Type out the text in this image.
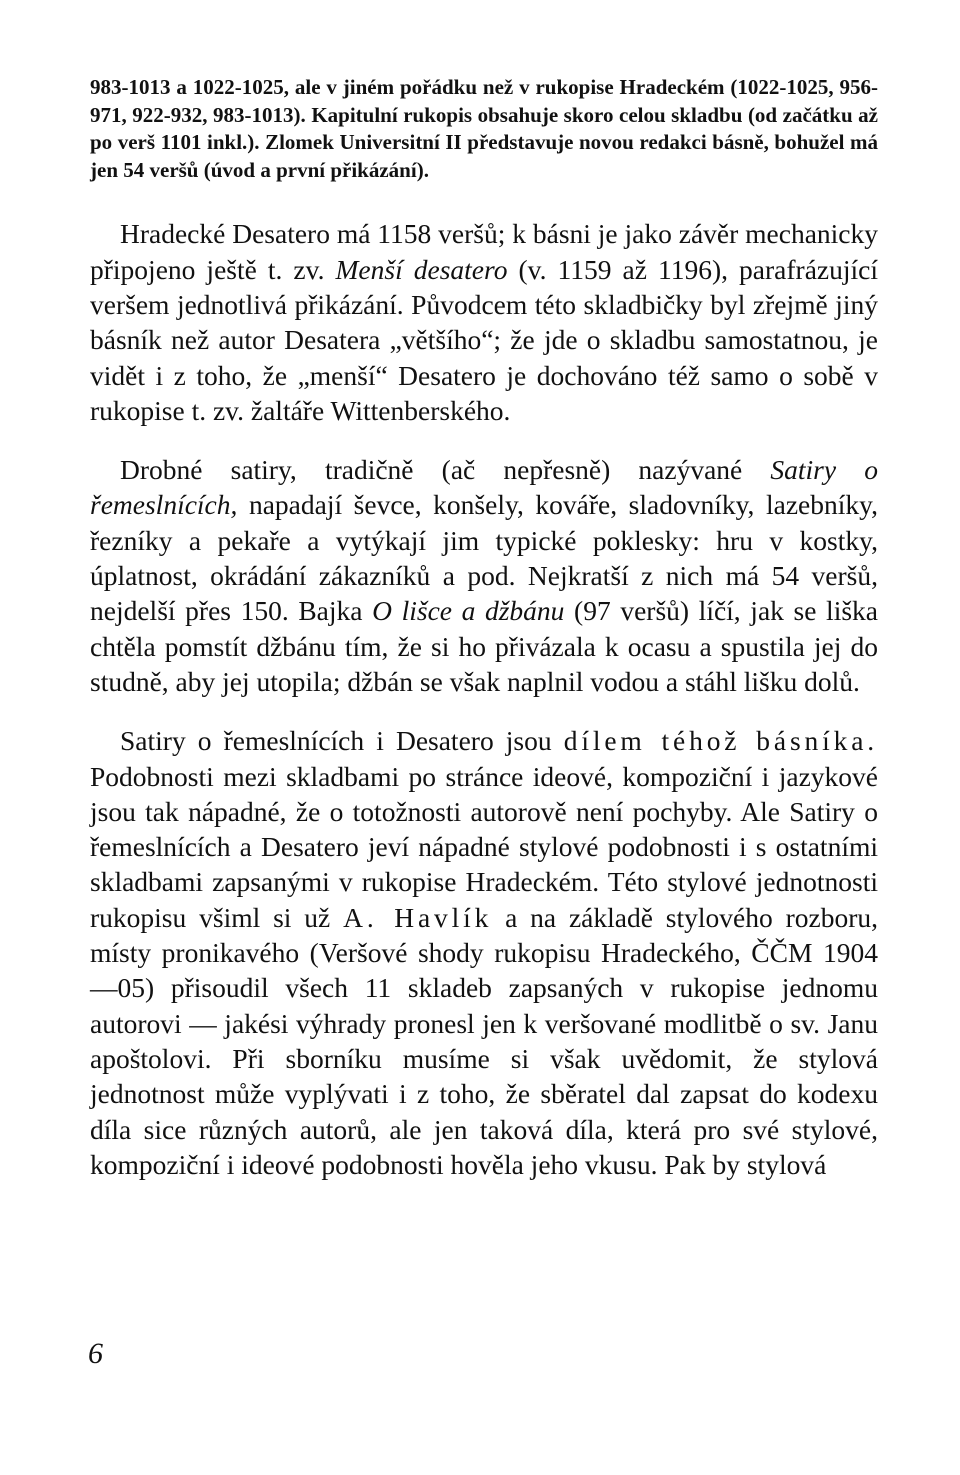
983-1013 a 1022-1025, ale v jiném pořádku než v rukopise Hradeckém (1022-1025, 956-971, 922-932, 983-1013). Kapitulní rukopis obsahuje skoro celou skladbu (od začátku až po verš 1101 inkl.). Zlomek Universitní II představuje novou redakci básně, bohužel má jen 54 veršů (úvod a první přikázání).

Hradecké Desatero má 1158 veršů; k básni je jako závěr mechanicky připojeno ještě t. zv. Menší desatero (v. 1159 až 1196), parafrázující veršem jednotlivá přikázání. Původcem této skladbičky byl zřejmě jiný básník než autor Desatera „většího“; že jde o skladbu samostatnou, je vidět i z toho, že „menší“ Desatero je dochováno též samo o sobě v rukopise t. zv. žaltáře Wittenberského.

Drobné satiry, tradičně (ač nepřesně) nazývané Satiry o řemeslnících, napadají ševce, konšely, kováře, sladovníky, lazebníky, řezníky a pekaře a vytýkají jim typické poklesky: hru v kostky, úplatnost, okrádání zákazníků a pod. Nejkratší z nich má 54 veršů, nejdelší přes 150. Bajka O lišce a džbánu (97 veršů) líčí, jak se liška chtěla pomstít džbánu tím, že si ho přivázala k ocasu a spustila jej do studně, aby jej utopila; džbán se však naplnil vodou a stáhl lišku dolů.

Satiry o řemeslnících i Desatero jsou dílem téhož básníka. Podobnosti mezi skladbami po stránce ideové, kompoziční i jazykové jsou tak nápadné, že o totožnosti autorově není pochyby. Ale Satiry o řemeslnících a Desatero jeví nápadné stylové podobnosti i s ostatními skladbami zapsanými v rukopise Hradeckém. Této stylové jednotnosti rukopisu všiml si už A. Havlík a na základě stylového rozboru, místy pronikavého (Veršové shody rukopisu Hradeckého, ČČM 1904—05) přisoudil všech 11 skladeb zapsaných v rukopise jednomu autorovi — jakési výhrady pronesl jen k veršované modlitbě o sv. Janu apoštolovi. Při sborníku musíme si však uvědomit, že stylová jednotnost může vyplývati i z toho, že sběratel dal zapsat do kodexu díla sice různých autorů, ale jen taková díla, která pro své stylové, kompoziční i ideové podobnosti hověla jeho vkusu. Pak by stylová

6
